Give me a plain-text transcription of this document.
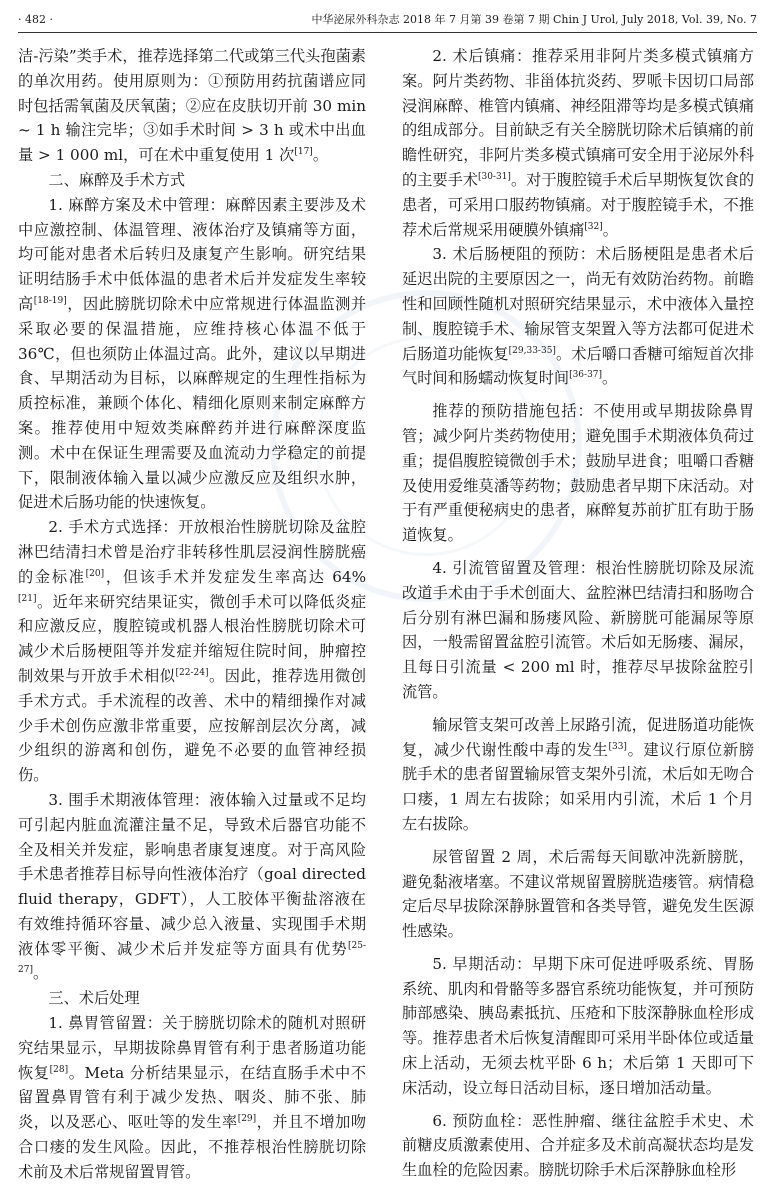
· 482 ·	中华泌尿外科杂志 2018 年 7 月第 39 卷第 7 期 Chin J Urol, July 2018, Vol. 39, No. 7

洁-污染”类手术，推荐选择第二代或第三代头孢菌素的单次用药。使用原则为：①预防用药抗菌谱应同时包括需氧菌及厌氧菌；②应在皮肤切开前 30 min ~ 1 h 输注完毕；③如手术时间 > 3 h 或术中出血量 > 1 000 ml，可在术中重复使用 1 次[17]。

二、麻醉及手术方式

1. 麻醉方案及术中管理：麻醉因素主要涉及术中应激控制、体温管理、液体治疗及镇痛等方面，均可能对患者术后转归及康复产生影响。研究结果证明结肠手术中低体温的患者术后并发症发生率较高[18-19]，因此膀胱切除术中应常规进行体温监测并采取必要的保温措施，应维持核心体温不低于 36℃，但也须防止体温过高。此外，建议以早期进食、早期活动为目标，以麻醉规定的生理性指标为质控标准，兼顾个体化、精细化原则来制定麻醉方案。推荐使用中短效类麻醉药并进行麻醉深度监测。术中在保证生理需要及血流动力学稳定的前提下，限制液体输入量以减少应激反应及组织水肿，促进术后肠功能的快速恢复。

2. 手术方式选择：开放根治性膀胱切除及盆腔淋巴结清扫术曾是治疗非转移性肌层浸润性膀胱癌的金标准[20]，但该手术并发症发生率高达 64%[21]。近年来研究结果证实，微创手术可以降低炎症和应激反应，腹腔镜或机器人根治性膀胱切除术可减少术后肠梗阻等并发症并缩短住院时间，肿瘤控制效果与开放手术相似[22-24]。因此，推荐选用微创手术方式。手术流程的改善、术中的精细操作对减少手术创伤应激非常重要，应按解剖层次分离，减少组织的游离和创伤，避免不必要的血管神经损伤。

3. 围手术期液体管理：液体输入过量或不足均可引起内脏血流灌注量不足，导致术后器官功能不全及相关并发症，影响患者康复速度。对于高风险手术患者推荐目标导向性液体治疗（goal directed fluid therapy，GDFT），人工胶体平衡盐溶液在有效维持循环容量、减少总入液量、实现围手术期液体零平衡、减少术后并发症等方面具有优势[25-27]。

三、术后处理

1. 鼻胃管留置：关于膀胱切除术的随机对照研究结果显示，早期拔除鼻胃管有利于患者肠道功能恢复[28]。Meta 分析结果显示，在结直肠手术中不留置鼻胃管有利于减少发热、咽炎、肺不张、肺炎，以及恶心、呕吐等的发生率[29]，并且不增加吻合口瘘的发生风险。因此，不推荐根治性膀胱切除术前及术后常规留置胃管。

2. 术后镇痛：推荐采用非阿片类多模式镇痛方案。阿片类药物、非甾体抗炎药、罗哌卡因切口局部浸润麻醉、椎管内镇痛、神经阻滞等均是多模式镇痛的组成部分。目前缺乏有关全膀胱切除术后镇痛的前瞻性研究，非阿片类多模式镇痛可安全用于泌尿外科的主要手术[30-31]。对于腹腔镜手术后早期恢复饮食的患者，可采用口服药物镇痛。对于腹腔镜手术，不推荐术后常规采用硬膜外镇痛[32]。

3. 术后肠梗阻的预防：术后肠梗阻是患者术后延迟出院的主要原因之一，尚无有效防治药物。前瞻性和回顾性随机对照研究结果显示，术中液体入量控制、腹腔镜手术、输尿管支架置入等方法都可促进术后肠道功能恢复[29,33-35]。术后嚼口香糖可缩短首次排气时间和肠蠕动恢复时间[36-37]。

推荐的预防措施包括：不使用或早期拔除鼻胃管；减少阿片类药物使用；避免围手术期液体负荷过重；提倡腹腔镜微创手术；鼓励早进食；咀嚼口香糖及使用爱维莫潘等药物；鼓励患者早期下床活动。对于有严重便秘病史的患者，麻醉复苏前扩肛有助于肠道恢复。

4. 引流管留置及管理：根治性膀胱切除及尿流改道手术由于手术创面大、盆腔淋巴结清扫和肠吻合后分别有淋巴漏和肠瘘风险、新膀胱可能漏尿等原因，一般需留置盆腔引流管。术后如无肠瘘、漏尿，且每日引流量 < 200 ml 时，推荐尽早拔除盆腔引流管。

输尿管支架可改善上尿路引流，促进肠道功能恢复，减少代谢性酸中毒的发生[33]。建议行原位新膀胱手术的患者留置输尿管支架外引流，术后如无吻合口瘘，1 周左右拔除；如采用内引流，术后 1 个月左右拔除。

尿管留置 2 周，术后需每天间歇冲洗新膀胱，避免黏液堵塞。不建议常规留置膀胱造瘘管。病情稳定后尽早拔除深静脉置管和各类导管，避免发生医源性感染。

5. 早期活动：早期下床可促进呼吸系统、胃肠系统、肌肉和骨骼等多器官系统功能恢复，并可预防肺部感染、胰岛素抵抗、压疮和下肢深静脉血栓形成等。推荐患者术后恢复清醒即可采用半卧体位或适量床上活动，无须去枕平卧 6 h；术后第 1 天即可下床活动，设立每日活动目标，逐日增加活动量。

6. 预防血栓：恶性肿瘤、继往盆腔手术史、术前糖皮质激素使用、合并症多及术前高凝状态均是发生血栓的危险因素。膀胱切除手术后深静脉血栓形
